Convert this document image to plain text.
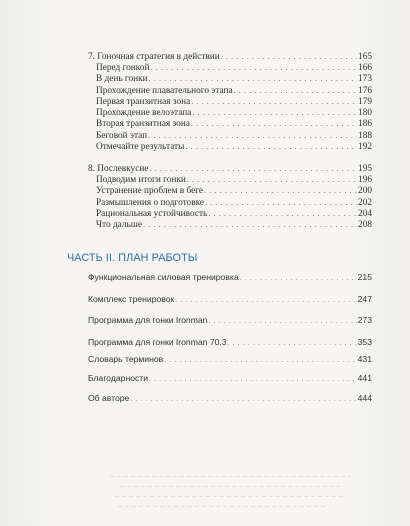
7. Гоночная стратегия в действии . . .	165
Перед гонкой . . .	166
В день гонки . . .	173
Прохождение плавательного этапа . . .	176
Первая транзитная зона . . .	179
Прохождение велоэтапа . . .	180
Вторая транзитная зона . . .	186
Беговой этап . . .	188
Отмечайте результаты . . .	192
8. Послевкусие . . .	195
Подводим итоги гонки . . .	196
Устранение проблем в беге . . .	200
Размышления о подготовке . . .	202
Рациональная устойчивость . . .	204
Что дальше . . .	208
ЧАСТЬ II. ПЛАН РАБОТЫ
Функциональная силовая тренировка . . .	215
Комплекс тренировок . . .	247
Программа для гонки Ironman . . .	273
Программа для гонки Ironman 70.3 . . .	353
Словарь терминов . . .	431
Благодарности . . .	441
Об авторе . . .	444
